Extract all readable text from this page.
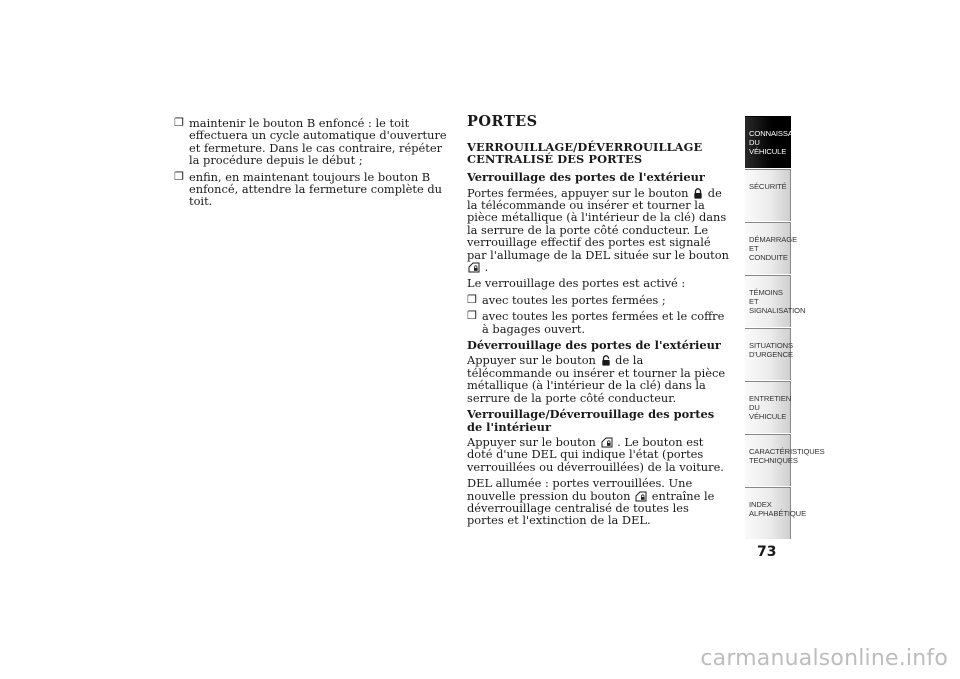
❐ maintenir le bouton B enfoncé : le toit effectuera un cycle automatique d'ouverture et fermeture. Dans le cas contraire, répéter la procédure depuis le début ;
❐ enfin, en maintenant toujours le bouton B enfoncé, attendre la fermeture complète du toit.
PORTES
VERROUILLAGE/DÉVERROUILLAGE CENTRALISÉ DES PORTES
Verrouillage des portes de l'extérieur

Portes fermées, appuyer sur le bouton de la télécommande ou insérer et tourner la pièce métallique (à l'intérieur de la clé) dans la serrure de la porte côté conducteur. Le verrouillage effectif des portes est signalé par l'allumage de la DEL située sur le bouton  .

Le verrouillage des portes est activé :

❐ avec toutes les portes fermées ;
❐ avec toutes les portes fermées et le coffre à bagages ouvert.
Déverrouillage des portes de l'extérieur

Appuyer sur le bouton de la télécommande ou insérer et tourner la pièce métallique (à l'intérieur de la clé) dans la serrure de la porte côté conducteur.

Verrouillage/Déverrouillage des portes de l'intérieur

Appuyer sur le bouton . Le bouton est doté d'une DEL qui indique l'état (portes verrouillées ou déverrouillées) de la voiture.

DEL allumée : portes verrouillées. Une nouvelle pression du bouton entraîne le déverrouillage centralisé de toutes les portes et l'extinction de la DEL.

CONNAISSANCE DU VÉHICULE
SÉCURITÉ
DÉMARRAGE ET CONDUITE
TÉMOINS ET SIGNALISATION
SITUATIONS D'URGENCE
ENTRETIEN DU VÉHICULE
CARACTÉRISTIQUES TECHNIQUES
INDEX ALPHABÉTIQUE
73
carmanualsonline.info
